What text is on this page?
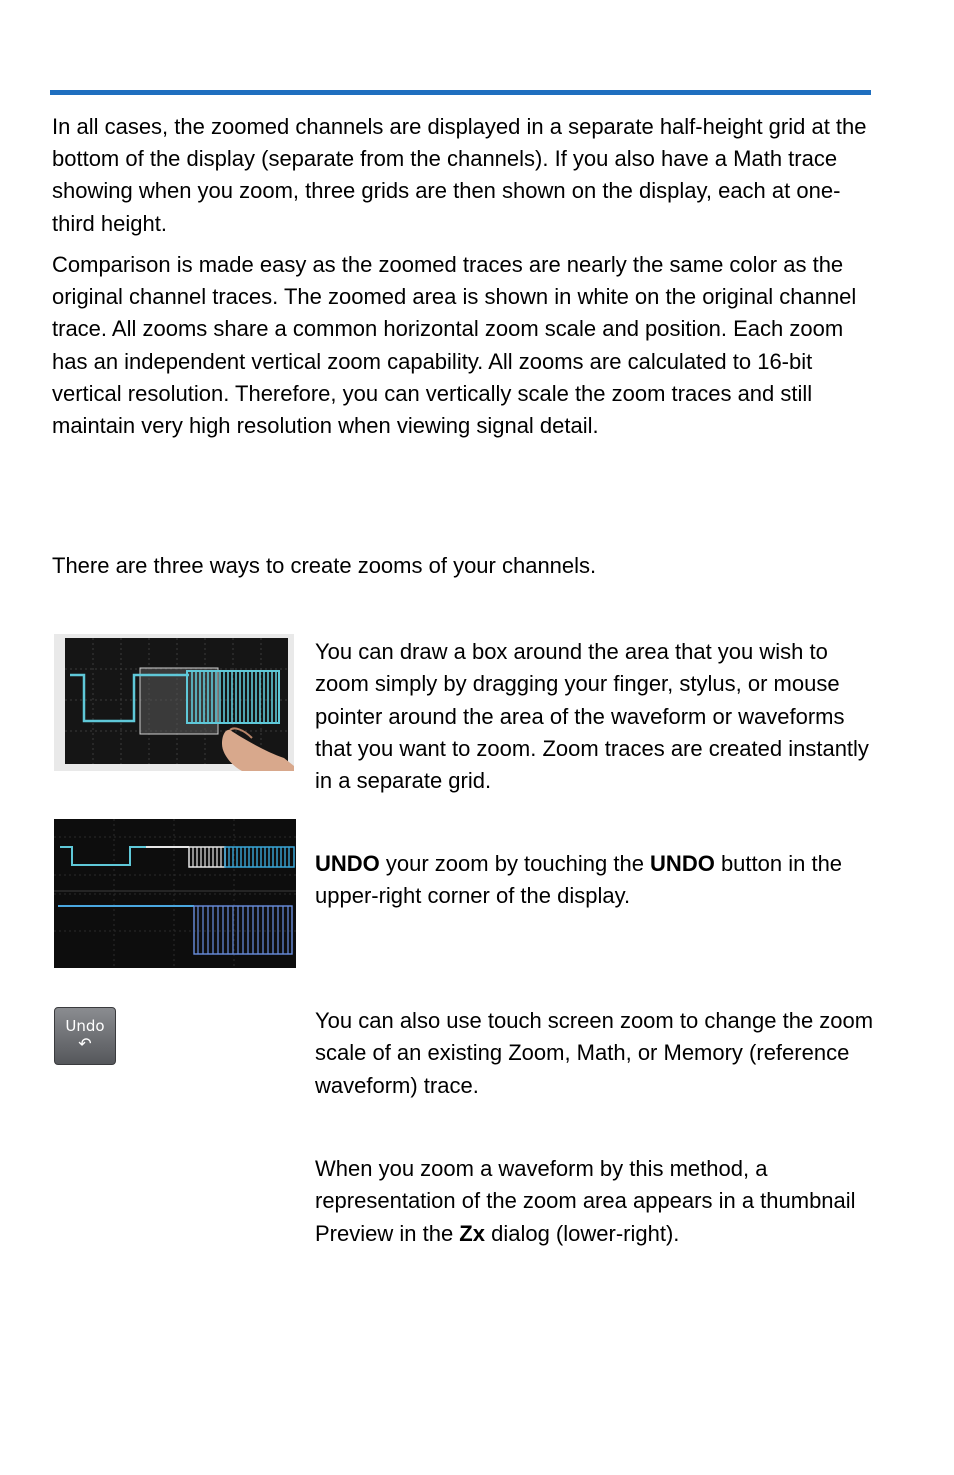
In all cases, the zoomed channels are displayed in a separate half-height grid at the bottom of the display (separate from the channels). If you also have a Math trace showing when you zoom, three grids are then shown on the display, each at one-third height.

Comparison is made easy as the zoomed traces are nearly the same color as the original channel traces. The zoomed area is shown in white on the original channel trace. All zooms share a common horizontal zoom scale and position. Each zoom has an independent vertical zoom capability. All zooms are calculated to 16-bit vertical resolution. Therefore, you can vertically scale the zoom traces and still maintain very high resolution when viewing signal detail.

There are three ways to create zooms of your channels.

You can draw a box around the area that you wish to zoom simply by dragging your finger, stylus, or mouse pointer around the area of the waveform or waveforms that you want to zoom. Zoom traces are created instantly in a separate grid.
UNDO your zoom by touching the UNDO button in the upper-right corner of the display.
Undo
↶
You can also use touch screen zoom to change the zoom scale of an existing Zoom, Math, or Memory (reference waveform) trace.
When you zoom a waveform by this method, a representation of the zoom area appears in a thumbnail Preview in the Zx dialog (lower-right).
